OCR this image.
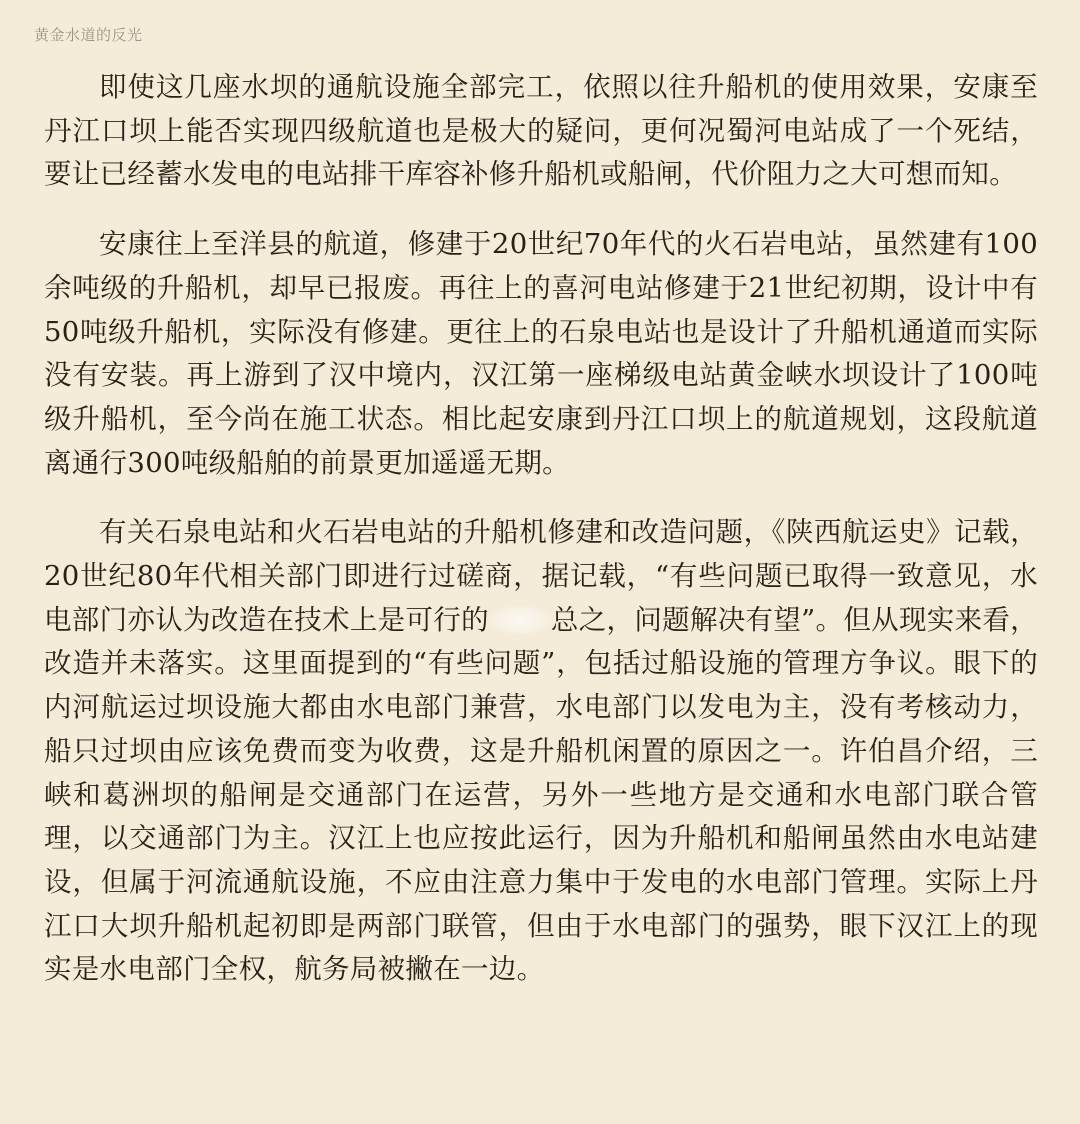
黄金水道的反光

即使这几座水坝的通航设施全部完工，依照以往升船机的使用效果，安康至丹江口坝上能否实现四级航道也是极大的疑问，更何况蜀河电站成了一个死结，要让已经蓄水发电的电站排干库容补修升船机或船闸，代价阻力之大可想而知。

安康往上至洋县的航道，修建于20世纪70年代的火石岩电站，虽然建有100余吨级的升船机，却早已报废。再往上的喜河电站修建于21世纪初期，设计中有50吨级升船机，实际没有修建。更往上的石泉电站也是设计了升船机通道而实际没有安装。再上游到了汉中境内，汉江第一座梯级电站黄金峡水坝设计了100吨级升船机，至今尚在施工状态。相比起安康到丹江口坝上的航道规划，这段航道离通行300吨级船舶的前景更加遥遥无期。

有关石泉电站和火石岩电站的升船机修建和改造问题，《陕西航运史》记载，20世纪80年代相关部门即进行过磋商，据记载，“有些问题已取得一致意见，水电部门亦认为改造在技术上是可行的 总之，问题解决有望”。但从现实来看，改造并未落实。这里面提到的“有些问题”，包括过船设施的管理方争议。眼下的内河航运过坝设施大都由水电部门兼营，水电部门以发电为主，没有考核动力，船只过坝由应该免费而变为收费，这是升船机闲置的原因之一。许伯昌介绍，三峡和葛洲坝的船闸是交通部门在运营，另外一些地方是交通和水电部门联合管理，以交通部门为主。汉江上也应按此运行，因为升船机和船闸虽然由水电站建设，但属于河流通航设施，不应由注意力集中于发电的水电部门管理。实际上丹江口大坝升船机起初即是两部门联管，但由于水电部门的强势，眼下汉江上的现实是水电部门全权，航务局被撇在一边。
